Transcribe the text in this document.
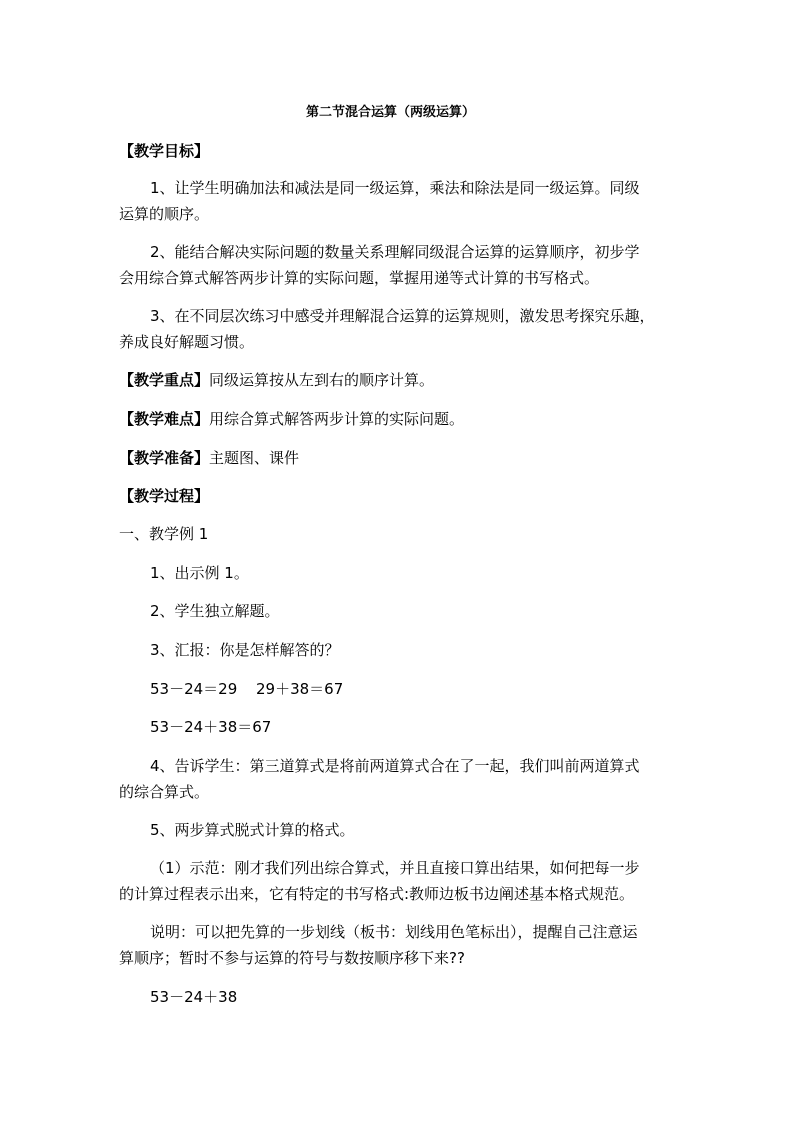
第二节混合运算（两级运算）
【教学目标】
1、让学生明确加法和减法是同一级运算，乘法和除法是同一级运算。同级
运算的顺序。
2、能结合解决实际问题的数量关系理解同级混合运算的运算顺序，初步学
会用综合算式解答两步计算的实际问题，掌握用递等式计算的书写格式。
3、在不同层次练习中感受并理解混合运算的运算规则，激发思考探究乐趣，
养成良好解题习惯。
【教学重点】同级运算按从左到右的顺序计算。
【教学难点】用综合算式解答两步计算的实际问题。
【教学准备】主题图、课件
【教学过程】
一、教学例 1
1、出示例 1。
2、学生独立解题。
3、汇报：你是怎样解答的？
53－24＝29 29＋38＝67
53－24＋38＝67
4、告诉学生：第三道算式是将前两道算式合在了一起，我们叫前两道算式
的综合算式。
5、两步算式脱式计算的格式。
（1）示范：刚才我们列出综合算式，并且直接口算出结果，如何把每一步
的计算过程表示出来，它有特定的书写格式:教师边板书边阐述基本格式规范。
说明：可以把先算的一步划线（板书：划线用色笔标出），提醒自己注意运
算顺序；暂时不参与运算的符号与数按顺序移下来??
53－24＋38
